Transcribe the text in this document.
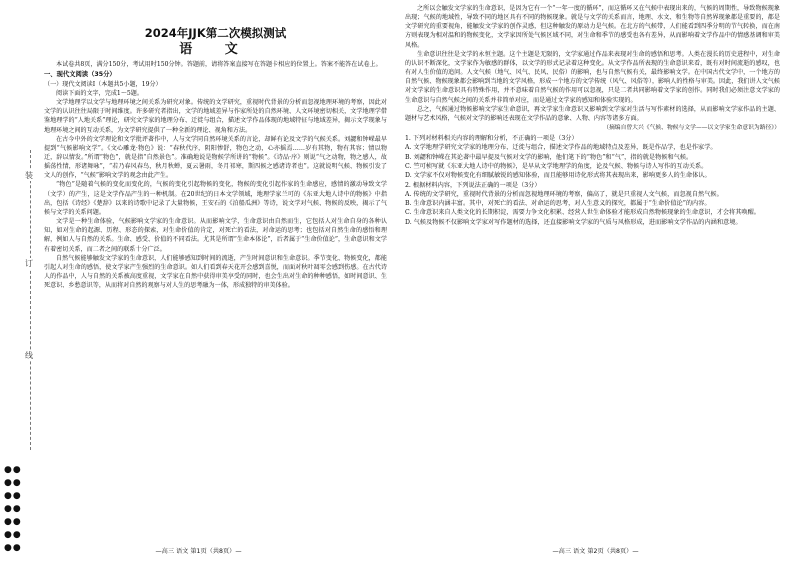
装
订
线
●● ●● ●● ●● ●● ●● ●●
2024年JJK第二次模拟测试
语 文

本试卷共8页，满分150分，考试用时150分钟。答题前，请将答案直接写在答题卡相应的位置上。答案不能答在试卷上。

一、现代文阅读（35分）

（一）现代文阅读Ⅰ（本题共5小题，19分）

阅读下面的文字，完成1～5题。

文学地理学以文学与地理环境之间关系为研究对象。传统的文学研究，重视时代背景的分析而忽视地理环境的考察，因此对文学的认识往往局限于时间维度。许多研究者指出，文学的地域差异与作家所处的自然环境、人文环境密切相关，文学地理学借鉴地理学的“人地关系”理论，研究文学家的地理分布、迁徙与组合，描述文学作品体现的地域特征与地域差异，揭示文学现象与地理环境之间的互动关系，为文学研究提供了一种全新的理论、视角和方法。

在古今中外的文学理论和文学批评著作中，人与文学同自然环境关系的言论，却鲜有论及文学的气候关系。刘勰和钟嵘最早提到“气候影响文学”。《文心雕龙·物色》说：“春秋代序，阴阳惨舒，物色之动，心亦摇焉……岁有其物，物有其容；情以物迁，辞以情发。”所谓“物色”，就是指“自然景色”。准确地说是物候学所讲的“物候”。《诗品·序》则说“气之动物，物之感人，故摇荡性情，形诸舞咏”，“若乃春风春鸟，秋月秋蝉，夏云暑雨，冬月祁寒，斯四候之感诸诗者也”。这就说明气候、物候引发了文人的创作，“气候”影响文学的观念由此产生。

“物色”是随着气候的变化而变化的，气候的变化引起物候的变化，物候的变化引起作家的生命感应，感情的激动导致文学（文学）的产生，这是文学作品产生的一种机制。在20世纪的日本文学领域，地理学家兰可的《东亚大地人诗中的物候》中指出，包括《诗经》《楚辞》以来的诗歌中记录了大量物候，王安石的《泊船瓜洲》等诗，说文学对气候、物候的反映，揭示了气候与文学的关系问题。

文学是一种生命体验，气候影响文学家的生命意识。从而影响文学，生命意识由自然而生，它包括人对生命自身的各种认知，如对生命的起源、历程、形态的探索，对生命价值的肯定，对死亡的看法，对命运的思考；也包括对自然生命的感悟和理解，例如人与自然的关系。生命、感受、价值的不同看法。尤其是所谓“生命本体论”，后者属于“生命价值论”，生命意识和文学有着密切关系，而二者之间的联系十分广泛。

自然气候能够触发文学家的生命意识，人们能够感知到时间的流逝，产生时间意识和生命意识。季节变化、物候变化，都能引起人对生命的感悟，使文学家产生强烈的生命意识。如人们看到春天花开会感到喜悦，而面对秋叶凋零会感到伤感。在古代诗人的作品中，人与自然的关系被高度重视，文学家在自然中获得审美享受的同时，也会生出对生命的种种感悟，如时间意识、生死意识、乡愁意识等，从而将对自然的观察与对人生的思考融为一体，形成独特的审美体验。

—高三 语文 第1页（共8页）—

之所以会触发文学家的生命意识，是因为它有一个“一年一度的循环”，而这循环又在气候中表现出来的，气候的周期性，导致物候现象出现；气候的地域性，导致不同的地区具有不同的物候现象。就是与文学的关系而言，地理、水文、和生物等自然界现象都是重要的，都是文学研究的重要视角，能触发文学家的创作灵感，但这种触发的原动力是气候。在北方的气候带，人们能看到四季分明的节气转换，而在南方则表现为相对温和的物候变化，文学家因所处气候区域不同，对生命和季节的感受也各有差异，从而影响着文学作品中的情感基调和审美风格。

生命意识往往是文学的永恒主题。这个主题是无限的，文学家通过作品来表现对生命的感悟和思考。人类在漫长的历史进程中，对生命的认识不断深化，文学家作为敏感的群体，以文学的形式记录着这种变化。从文学作品所表现的生命意识来看，既有对时间流逝的感叹，也有对人生价值的追问。人文气候（地气、风气、民风、民俗）的影响，也与自然气候有关，最终影响文学。在中国古代文学中，一个地方的自然气候、物候现象都会影响到当地的文学风格，形成一个地方的文学传统（风气、风俗等），影响人的性格与审美。因此，我们讲人文气候对文学家的生命意识具有特殊作用，并不意味着自然气候的作用可以忽视，只是二者共同影响着文学家的创作。同时我们必须注意文学家的生命意识与自然气候之间的关系并非简单对应，而是通过文学家的感知和体验实现的。

总之，气候通过物候影响文学家生命意识，再文学家生命意识又影响到文学家对生活与写作素材的选择，从而影响文学家作品的主题、题材与艺术风格，气候对文学的影响还表现在文学作品的意象、人物、内容等诸多方面。

（摘编自曾大兴《气候、物候与文学——以文学家生命意识为路径》）

1. 下列对材料相关内容的理解和分析，不正确的一项是（3分）

A. 文学地理学研究文学家的地理分布、迁徙与组合，描述文学作品的地域特点及差异，既是作品学，也是作家学。

B. 刘勰和钟嵘在其论著中最早提及气候对文学的影响，他们笔下的“物色”和“气”，指的就是物候和气候。

C. 竺可桢写就《东亚大地人诗中的物候》，是早从文学地理学的角度，论及气候、物候与诗人写作的互动关系。

D. 文学家不仅对物候变化有细腻敏锐的感知体验，而且能够用诗化形式将其表现出来，影响更多人的生命体认。

2. 根据材料内容，下列说法正确的一项是（3分）

A. 传统的文学研究，重视时代背景的分析而忽视地理环境的考察，偏高了，就是只重视人文气候，而忽视自然气候。

B. 生命意识内涵丰富。其中，对死亡的看法、对命运的思考，对人生意义的探究，都属于“生命价值论”的内容。

C. 生命意识来自人类文化的长期积淀，需要力争文化积累、经营人世生命体验才能形成自然物候现象的生命意识，才会将其唤醒。

D. 气候及物候不仅影响文学家对写作题材的选择，还直接影响文学家的气质与风格形成，进而影响文学作品的内涵和意境。

—高三 语文 第2页（共8页）—
